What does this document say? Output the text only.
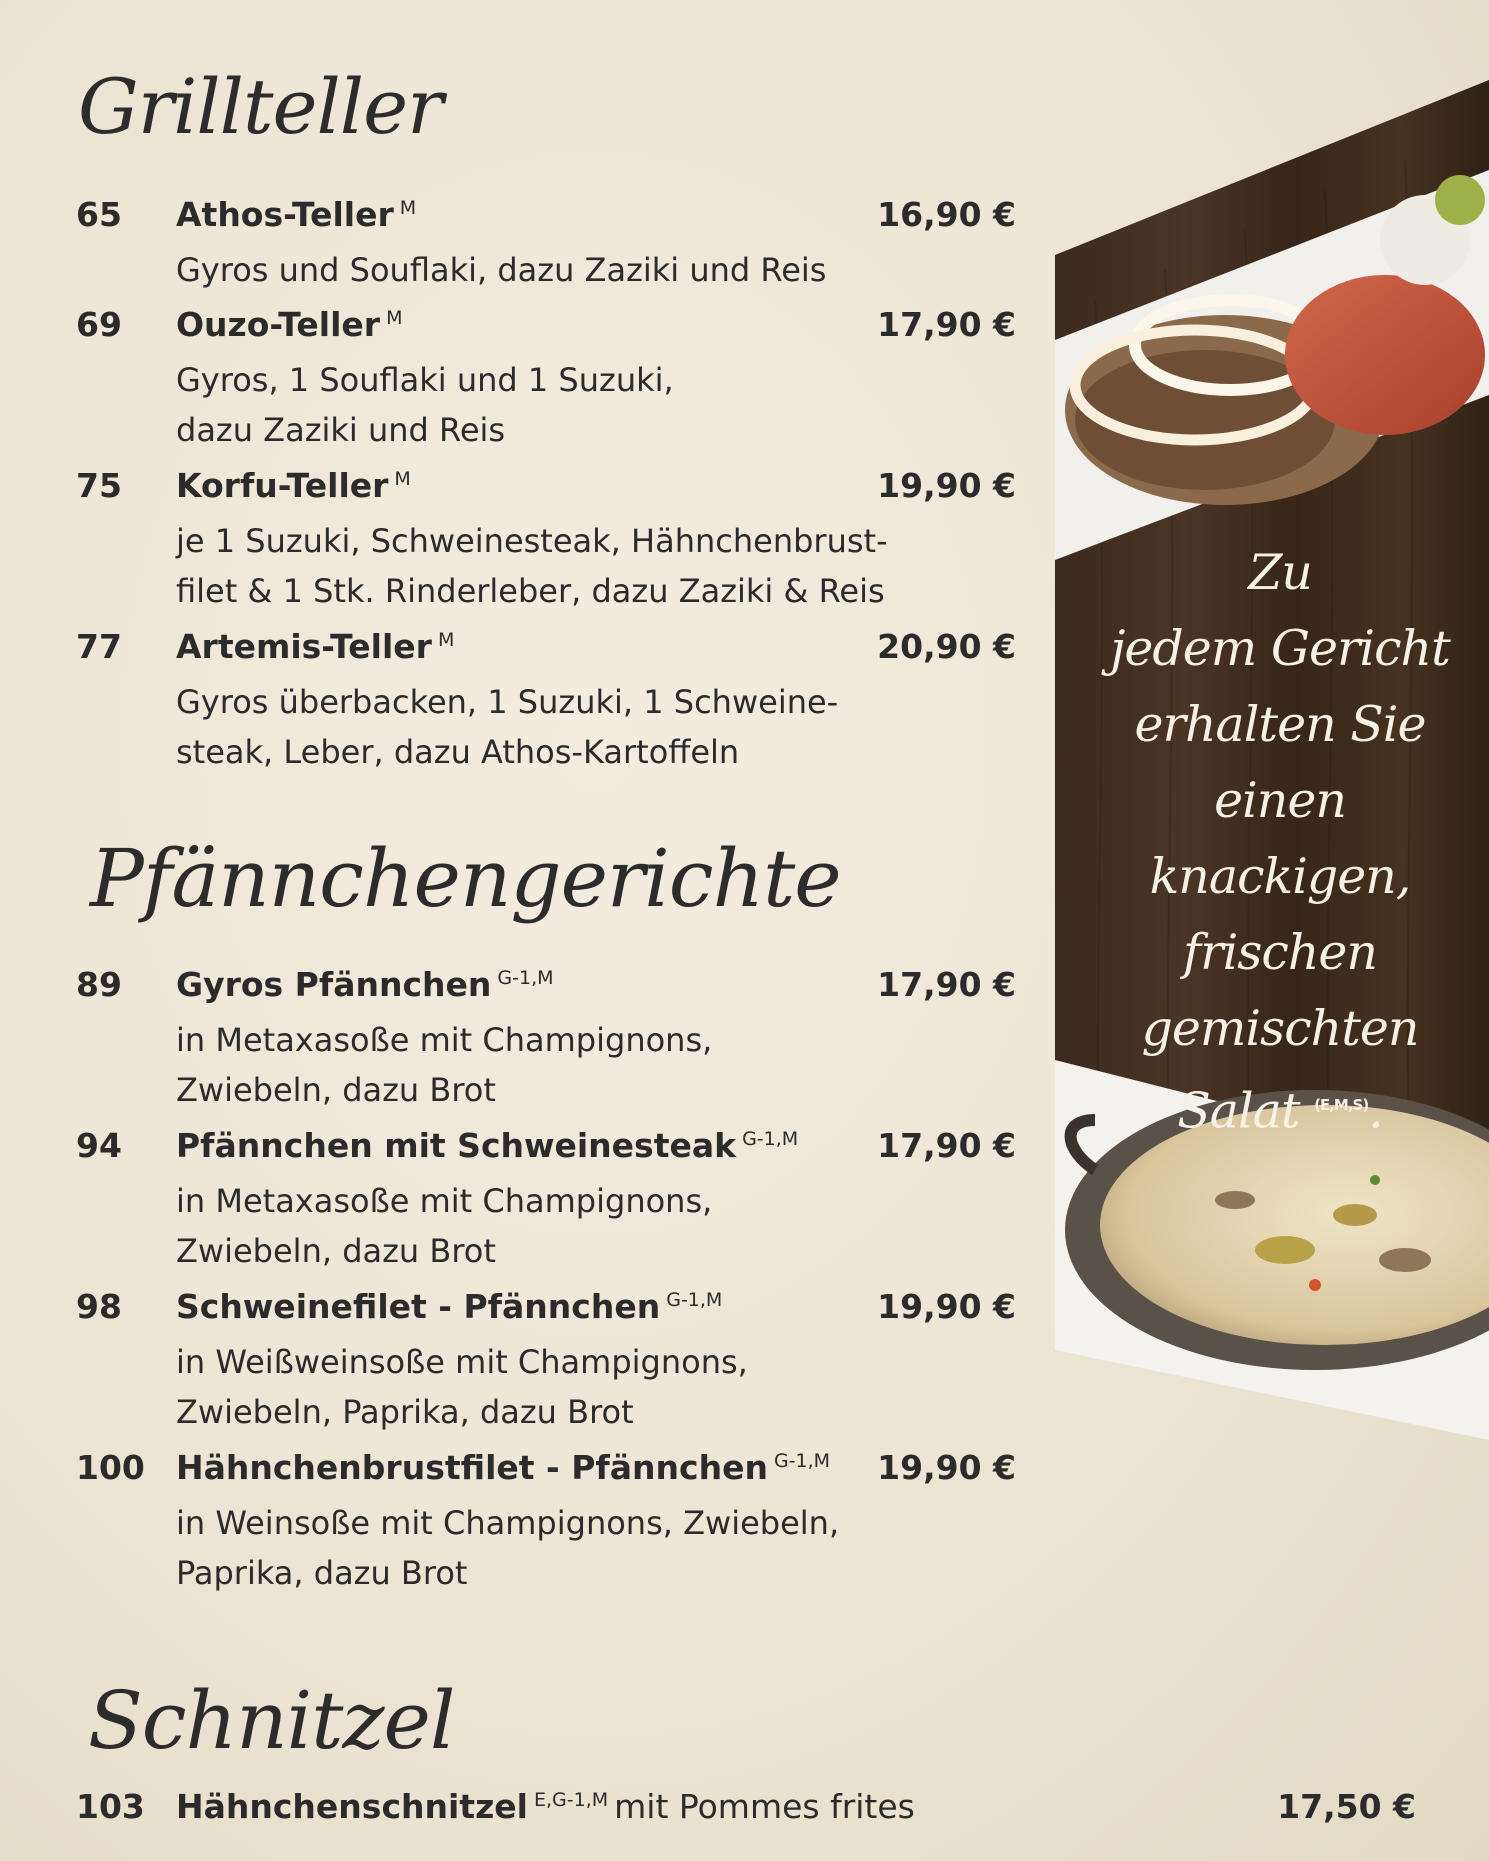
Grillteller
Pfännchengerichte
Schnitzel
65 Athos-Teller $^M$	16,90 €
Gyros und Souflaki, dazu Zaziki und Reis
69 Ouzo-Teller $^M$	17,90 €
Gyros, 1 Souflaki und 1 Suzuki,
dazu Zaziki und Reis
75 Korfu-Teller $^M$	19,90 €
je 1 Suzuki, Schweinesteak, Hähnchenbrust-
filet & 1 Stk. Rinderleber, dazu Zaziki & Reis
77 Artemis-Teller $^M$	20,90 €
Gyros überbacken, 1 Suzuki, 1 Schweine-
steak, Leber, dazu Athos-Kartoffeln
89 Gyros Pfännchen $^{G-1,M}$	17,90 €
in Metaxasoße mit Champignons,
Zwiebeln, dazu Brot
94 Pfännchen mit Schweinesteak $^{G-1,M}$ 17,90 €
in Metaxasoße mit Champignons,
Zwiebeln, dazu Brot
98 Schweinefilet - Pfännchen $^{G-1,M}$	19,90 €
in Weißweinsoße mit Champignons,
Zwiebeln, Paprika, dazu Brot
100 Hähnchenbrustfilet - Pfännchen $^{G-1,M}$ 19,90 €
in Weinsoße mit Champignons, Zwiebeln,
Paprika, dazu Brot
103 Hähnchenschnitzel $^{E,G-1,M}$ mit Pommes frites	17,50 €
Zu
jedem Gericht
erhalten Sie
einen knackigen,
frischen
gemischten
Salat $^{(E,M,S)}$.
